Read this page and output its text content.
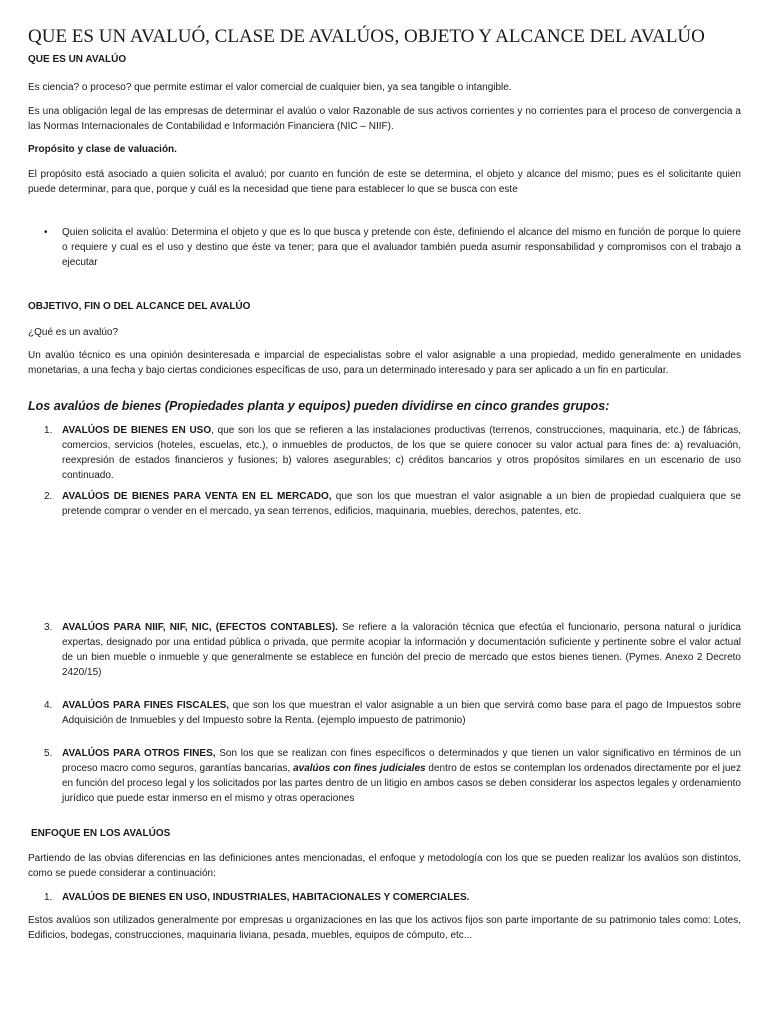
QUE ES UN AVALUÓ, CLASE DE AVALÚOS, OBJETO Y ALCANCE DEL AVALÚO

QUE ES UN AVALÚO

Es ciencia? o proceso? que permite estimar el valor comercial de cualquier bien, ya sea tangible o intangible.

Es una obligación legal de las empresas de determinar el avalúo o valor Razonable de sus activos corrientes y no corrientes para el proceso de convergencia a las Normas Internacionales de Contabilidad e Información Financiera (NIC – NIIF).

Propósito y clase de valuación.

El propósito está asociado a quien solicita el avaluó; por cuanto en función de este se determina, el objeto y alcance del mismo; pues es el solicitante quien puede determinar, para que, porque y cuál es la necesidad que tiene para establecer lo que se busca con este

• Quien solicita el avalúo: Determina el objeto y que es lo que busca y pretende con éste, definiendo el alcance del mismo en función de porque lo quiere o requiere y cual es el uso y destino que éste va tener; para que el avaluador también pueda asumir responsabilidad y compromisos con el trabajo a ejecutar

OBJETIVO, FIN O DEL ALCANCE DEL AVALÚO

¿Qué es un avalúo?

Un avalúo técnico es una opinión desinteresada e imparcial de especialistas sobre el valor asignable a una propiedad, medido generalmente en unidades monetarias, a una fecha y bajo ciertas condiciones específicas de uso, para un determinado interesado y para ser aplicado a un fin en particular.

Los avalúos de bienes (Propiedades planta y equipos) pueden dividirse en cinco grandes grupos:

1. AVALÚOS DE BIENES EN USO, que son los que se refieren a las instalaciones productivas (terrenos, construcciones, maquinaria, etc.) de fábricas, comercios, servicios (hoteles, escuelas, etc.), o inmuebles de productos, de los que se quiere conocer su valor actual para fines de: a) revaluación, reexpresión de estados financieros y fusiones; b) valores asegurables; c) créditos bancarios y otros propósitos similares en un escenario de uso continuado.

2. AVALÚOS DE BIENES PARA VENTA EN EL MERCADO, que son los que muestran el valor asignable a un bien de propiedad cualquiera que se pretende comprar o vender en el mercado, ya sean terrenos, edificios, maquinaria, muebles, derechos, patentes, etc.

3. AVALÚOS PARA NIIF, NIF, NIC, (EFECTOS CONTABLES). Se refiere a la valoración técnica que efectúa el funcionario, persona natural o jurídica expertas, designado por una entidad pública o privada, que permite acopiar la información y documentación suficiente y pertinente sobre el valor actual de un bien mueble o inmueble y que generalmente se establece en función del precio de mercado que estos bienes tienen. (Pymes. Anexo 2 Decreto 2420/15)

4. AVALÚOS PARA FINES FISCALES, que son los que muestran el valor asignable a un bien que servirá como base para el pago de Impuestos sobre Adquisición de Inmuebles y del Impuesto sobre la Renta. (ejemplo impuesto de patrimonio)

5. AVALÚOS PARA OTROS FINES, Son los que se realizan con fines específicos o determinados y que tienen un valor significativo en términos de un proceso macro como seguros, garantías bancarias, avalúos con fines judiciales dentro de estos se contemplan los ordenados directamente por el juez en función del proceso legal y los solicitados por las partes dentro de un litigio en ambos casos se deben considerar los aspectos legales y ordenamiento jurídico que puede estar inmerso en el mismo y otras operaciones

ENFOQUE EN LOS AVALÚOS

Partiendo de las obvias diferencias en las definiciones antes mencionadas, el enfoque y metodología con los que se pueden realizar los avalúos son distintos, como se puede considerar a continuación:

1. AVALÚOS DE BIENES EN USO, INDUSTRIALES, HABITACIONALES Y COMERCIALES.

Estos avalúos son utilizados generalmente por empresas u organizaciones en las que los activos fijos son parte importante de su patrimonio tales como: Lotes, Edificios, bodegas, construcciones, maquinaria liviana, pesada, muebles, equipos de cómputo, etc...
